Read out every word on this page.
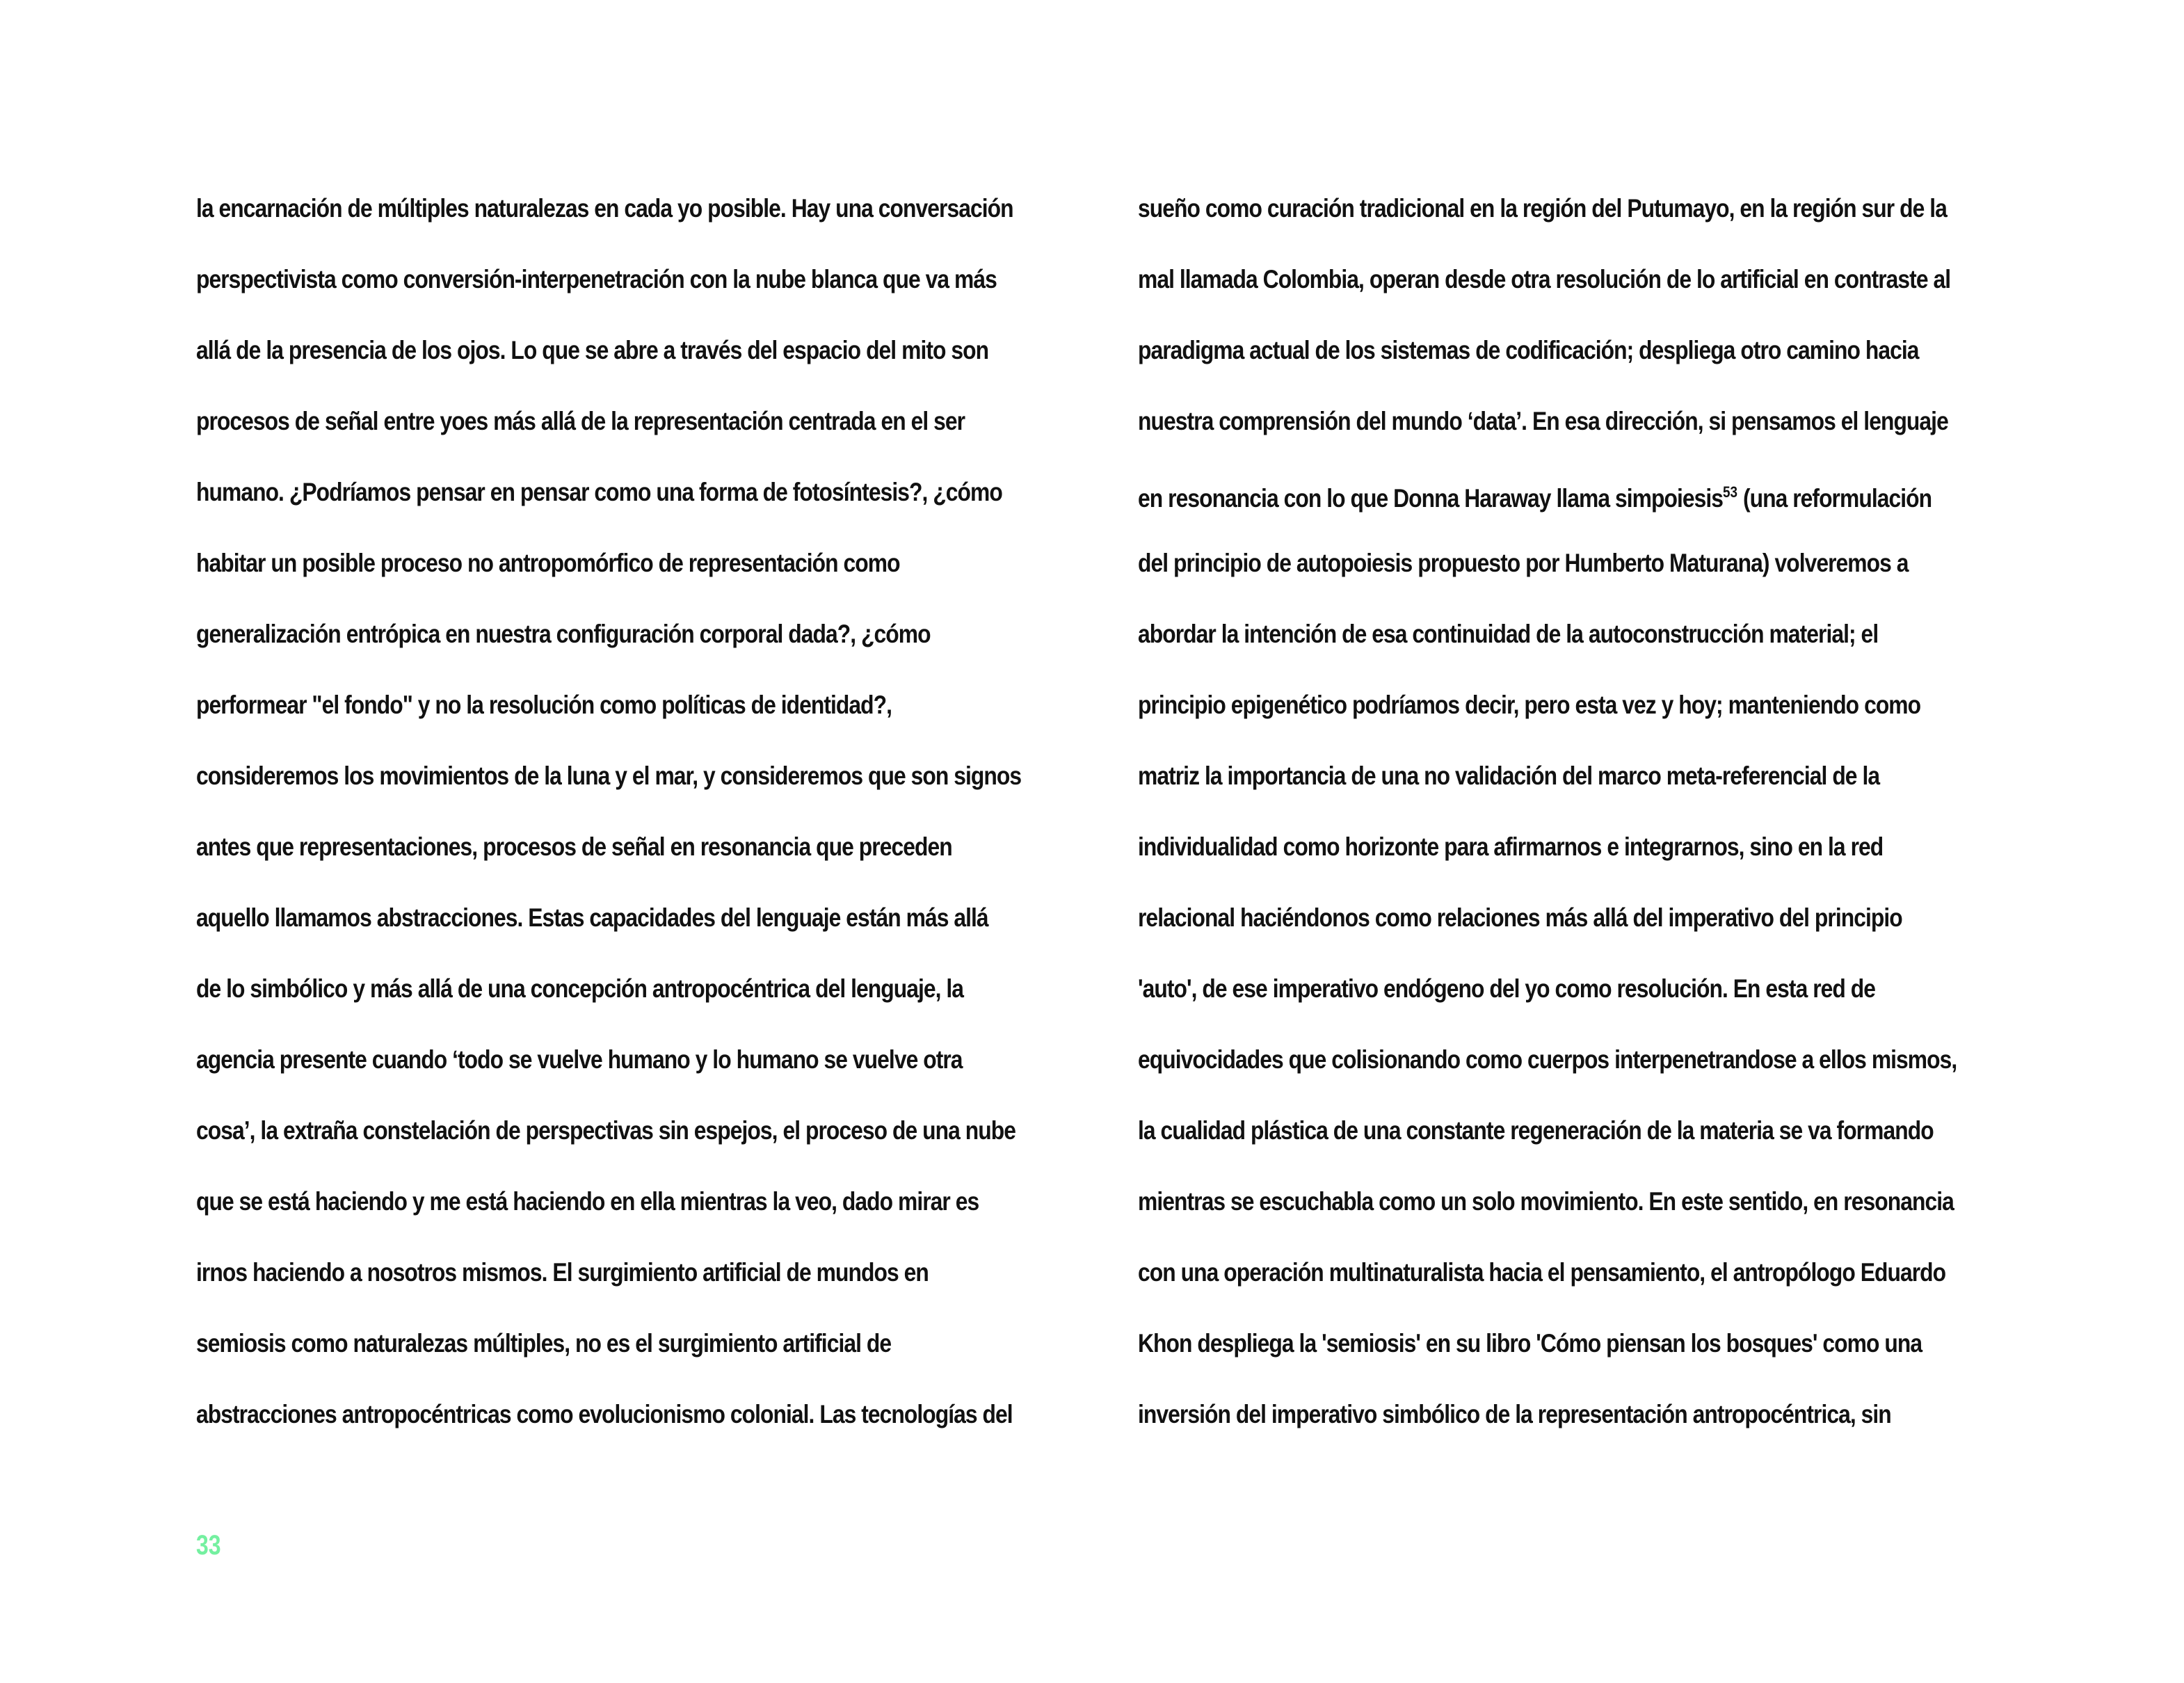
la encarnación de múltiples naturalezas en cada yo posible. Hay una conversación
perspectivista como conversión-interpenetración con la nube blanca que va más
allá de la presencia de los ojos. Lo que se abre a través del espacio del mito son
procesos de señal entre yoes más allá de la representación centrada en el ser
humano. ¿Podríamos pensar en pensar como una forma de fotosíntesis?, ¿cómo
habitar un posible proceso no antropomórfico de representación como
generalización entrópica en nuestra configuración corporal dada?, ¿cómo
performear "el fondo" y no la resolución como políticas de identidad?,
consideremos los movimientos de la luna y el mar, y consideremos que son signos
antes que representaciones, procesos de señal en resonancia que preceden
aquello llamamos abstracciones. Estas capacidades del lenguaje están más allá
de lo simbólico y más allá de una concepción antropocéntrica del lenguaje, la
agencia presente cuando ‘todo se vuelve humano y lo humano se vuelve otra
cosa’, la extraña constelación de perspectivas sin espejos, el proceso de una nube
que se está haciendo y me está haciendo en ella mientras la veo, dado mirar es
irnos haciendo a nosotros mismos. El surgimiento artificial de mundos en
semiosis como naturalezas múltiples, no es el surgimiento artificial de
abstracciones antropocéntricas como evolucionismo colonial. Las tecnologías del
sueño como curación tradicional en la región del Putumayo, en la región sur de la
mal llamada Colombia, operan desde otra resolución de lo artificial en contraste al
paradigma actual de los sistemas de codificación; despliega otro camino hacia
nuestra comprensión del mundo ‘data’. En esa dirección, si pensamos el lenguaje
en resonancia con lo que Donna Haraway llama simpoiesis$^{53}$ (una reformulación
del principio de autopoiesis propuesto por Humberto Maturana) volveremos a
abordar la intención de esa continuidad de la autoconstrucción material; el
principio epigenético podríamos decir, pero esta vez y hoy; manteniendo como
matriz la importancia de una no validación del marco meta-referencial de la
individualidad como horizonte para afirmarnos e integrarnos, sino en la red
relacional haciéndonos como relaciones más allá del imperativo del principio
'auto', de ese imperativo endógeno del yo como resolución. En esta red de
equivocidades que colisionando como cuerpos interpenetrandose a ellos mismos,
la cualidad plástica de una constante regeneración de la materia se va formando
mientras se escuchabla como un solo movimiento. En este sentido, en resonancia
con una operación multinaturalista hacia el pensamiento, el antropólogo Eduardo
Khon despliega la 'semiosis' en su libro 'Cómo piensan los bosques' como una
inversión del imperativo simbólico de la representación antropocéntrica, sin
33
